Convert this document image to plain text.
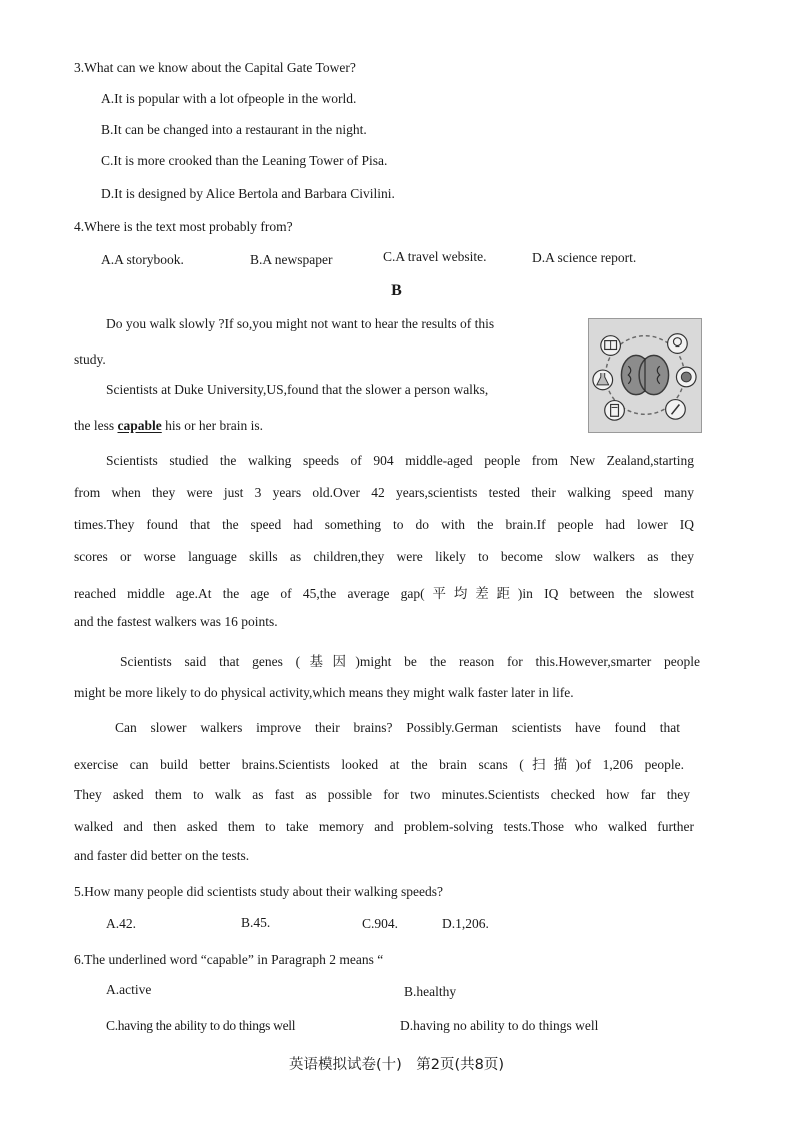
3.What can we know about the Capital Gate Tower?
A.It is popular with a lot ofpeople in the world.
B.It can be changed into a restaurant in the night.
C.It is more crooked than the Leaning Tower of Pisa.
D.It is designed by Alice Bertola and Barbara Civilini.
4.Where is the text most probably from?
A.A storybook.	B.A newspaper	C.A travel website.	D.A science report.
B
Do you walk slowly ?If so,you might not want to hear the results of this
study.
Scientists at Duke University,US,found that the slower a person walks,
the less capable his or her brain is.
Scientists studied the walking speeds of 904 middle-aged people from New Zealand,starting
from when they were just 3 years old.Over 42 years,scientists tested their walking speed many
times.They found that the speed had something to do with the brain.If people had lower IQ
scores or worse language skills as children,they were likely to become slow walkers as they
reached middle age.At the age of 45,the average gap(平均差距)in IQ between the slowest
and the fastest walkers was 16 points.
Scientists said that genes (基因)might be the reason for this.However,smarter people
might be more likely to do physical activity,which means they might walk faster later in life.
Can slower walkers improve their brains? Possibly.German scientists have found that
exercise can build better brains.Scientists looked at the brain scans (扫描)of 1,206 people.
They asked them to walk as fast as possible for two minutes.Scientists checked how far they
walked and then asked them to take memory and problem-solving tests.Those who walked further
and faster did better on the tests.
5.How many people did scientists study about their walking speeds?
A.42.	B.45.	C.904.	D.1,206.
6.The underlined word “capable” in Paragraph 2 means “
A.active	B.healthy
C.having the ability to do things well	D.having no ability to do things well
英语模拟试卷(十)　第2页(共8页)
